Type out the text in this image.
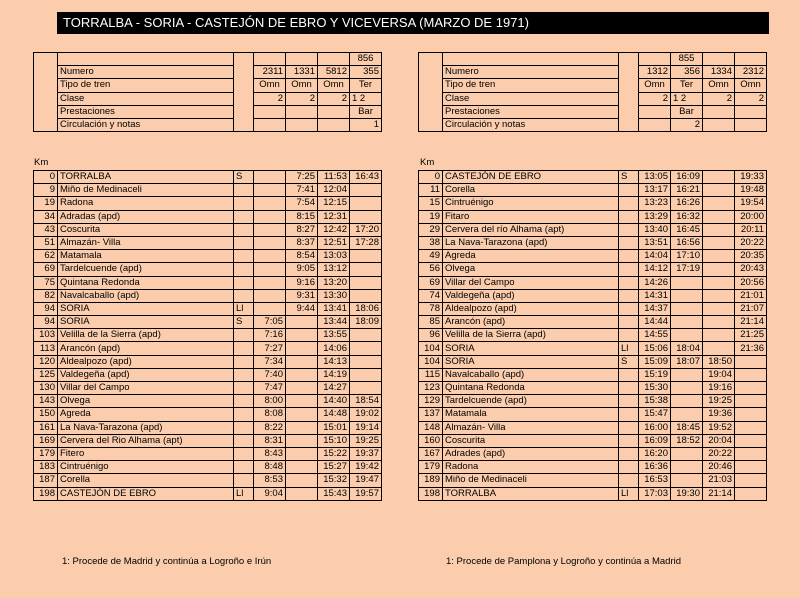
TORRALBA - SORIA - CASTEJÓN DE EBRO Y VICEVERSA (MARZO DE 1971)
						856
	Numero		2311	1331	5812	355
	Tipo de tren		Omn	Omn	Omn	Ter
	Clase		2	2	2	1 2
	Prestaciones					Bar
	Circulación y notas					1
Km
0	TORRALBA	S		7:25	11:53	16:43
9	Miño de Medinaceli			7:41	12:04	
19	Radona			7:54	12:15	
34	Adradas (apd)			8:15	12:31	
43	Coscurita			8:27	12:42	17:20
51	Almazán- Villa			8:37	12:51	17:28
62	Matamala			8:54	13:03	
69	Tardelcuende (apd)			9:05	13:12	
75	Quintana Redonda			9:16	13:20	
82	Navalcaballo (apd)			9:31	13:30	
94	SORIA	Ll		9:44	13:41	18:06
94	SORIA	S	7:05		13:44	18:09
103	Velilla de la Sierra (apd)		7:16		13:55	
113	Arancón (apd)		7:27		14:06	
120	Aldealpozo (apd)		7:34		14:13	
125	Valdegeña (apd)		7:40		14:19	
130	Villar del Campo		7:47		14:27	
143	Olvega		8:00		14:40	18:54
150	Agreda		8:08		14:48	19:02
161	La Nava-Tarazona (apd)		8:22		15:01	19:14
169	Cervera del Rio Alhama (apt)		8:31		15:10	19:25
179	Fitero		8:43		15:22	19:37
183	Cintruénigo		8:48		15:27	19:42
187	Corella		8:53		15:32	19:47
198	CASTEJÓN DE EBRO	Ll	9:04		15:43	19:57
				855		
	Numero		1312	356	1334	2312
	Tipo de tren		Omn	Ter	Omn	Omn
	Clase		2	1 2	2	2
	Prestaciones			Bar		
	Circulación y notas			2		
Km
0	CASTEJÓN DE EBRO	S	13:05	16:09		19:33
11	Corella		13:17	16:21		19:48
15	Cintruénigo		13:23	16:26		19:54
19	Fitaro		13:29	16:32		20:00
29	Cervera del río Alhama (apt)		13:40	16:45		20:11
38	La Nava-Tarazona (apd)		13:51	16:56		20:22
49	Agreda		14:04	17:10		20:35
56	Olvega		14:12	17:19		20:43
69	Villar del Campo		14:26			20:56
74	Valdegeña (apd)		14:31			21:01
78	Aldealpozo (apd)		14:37			21:07
85	Arancón (apd)		14:44			21:14
96	Velilla de la Sierra (apd)		14:55			21:25
104	SORIA	Ll	15:06	18:04		21:36
104	SORIA	S	15:09	18:07	18:50	
115	Navalcaballo (apd)		15:19		19:04	
123	Quintana Redonda		15:30		19:16	
129	Tardelcuende (apd)		15:38		19:25	
137	Matamala		15:47		19:36	
148	Almazán- Villa		16:00	18:45	19:52	
160	Coscurita		16:09	18:52	20:04	
167	Adrades (apd)		16:20		20:22	
179	Radona		16:36		20:46	
189	Miño de Medinaceli		16:53		21:03	
198	TORRALBA	Ll	17:03	19:30	21:14	
1: Procede de Madrid y continúa a Logroño e Irún	1: Procede de Pamplona y Logroño y continúa a Madrid
